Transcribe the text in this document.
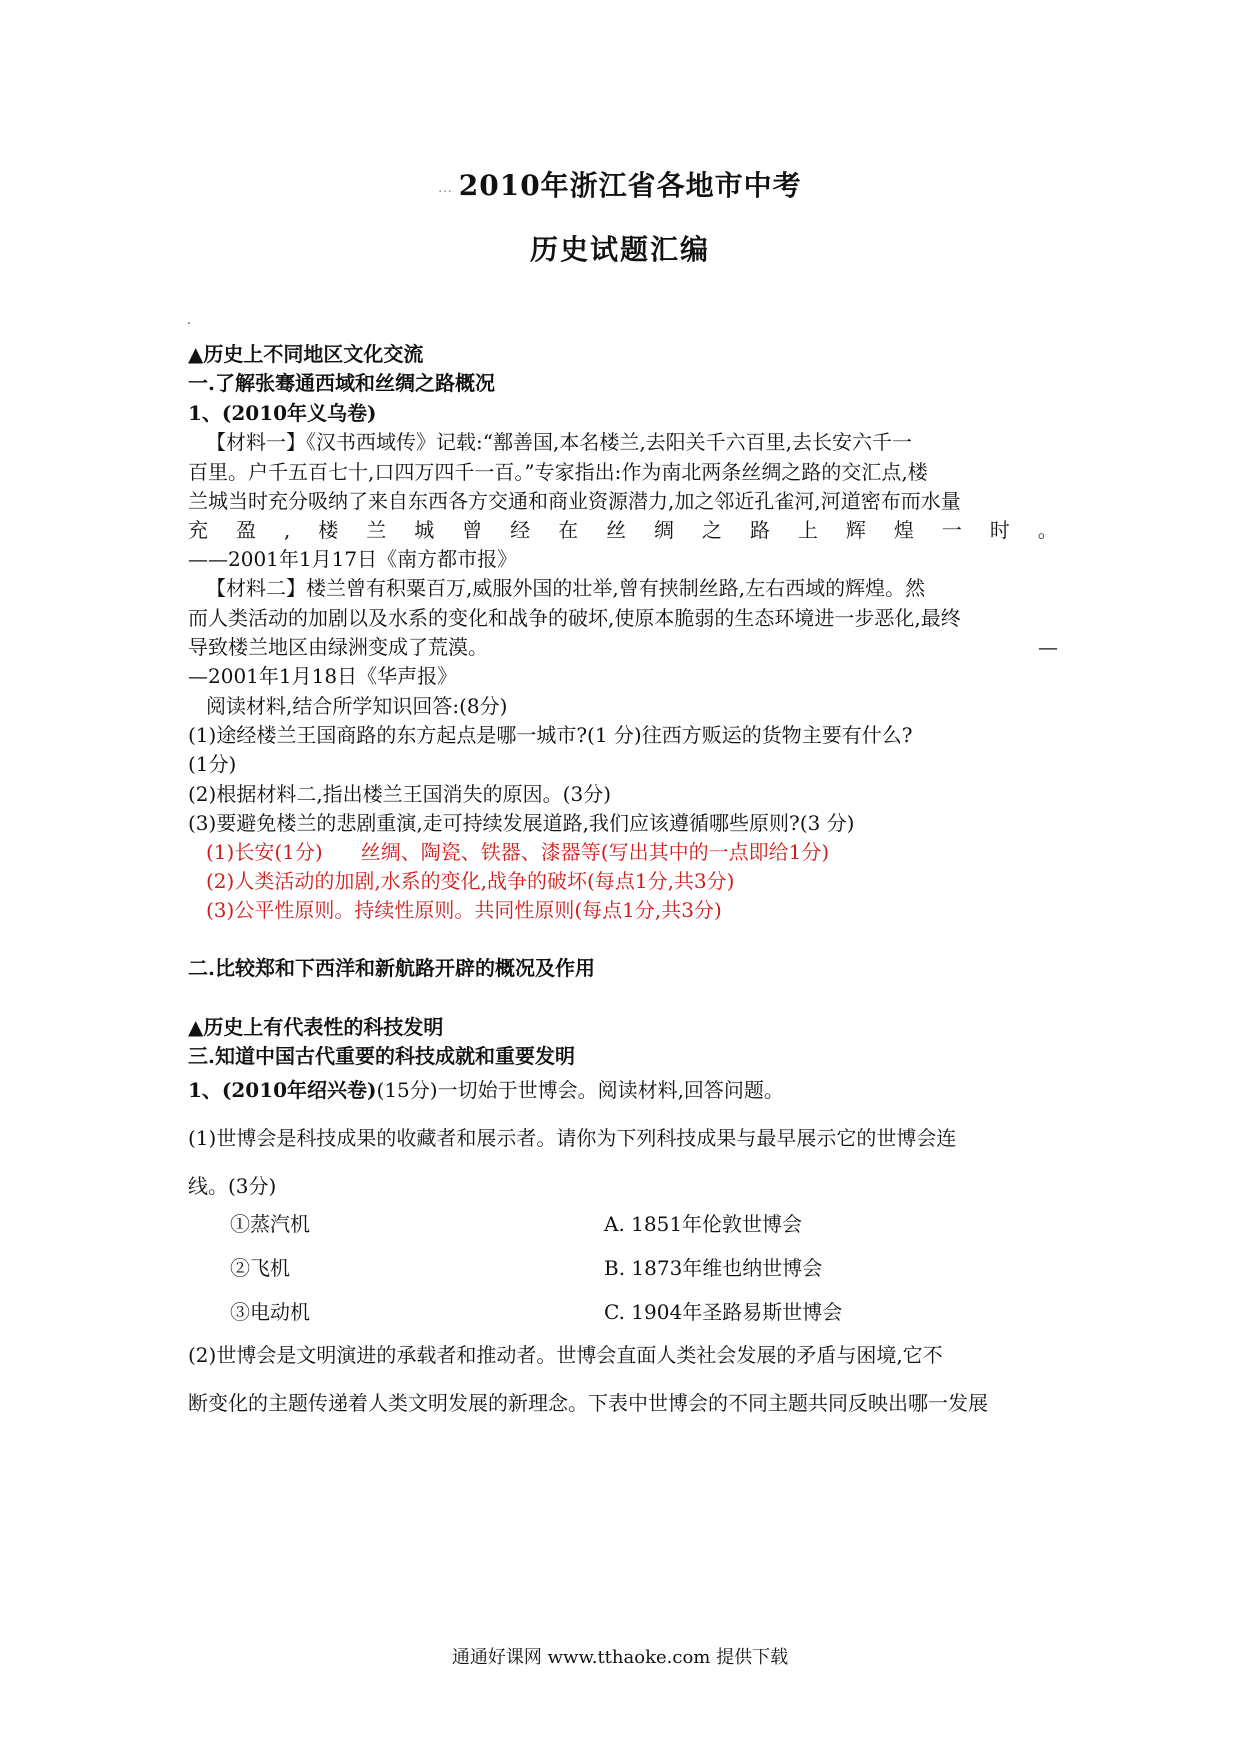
... 2010年浙江省各地市中考
历史试题汇编
▲历史上不同地区文化交流
一.了解张骞通西域和丝绸之路概况
1、(2010年义乌卷)
【材料一】《汉书西域传》记载:“鄯善国,本名楼兰,去阳关千六百里,去长安六千一
百里。户千五百七十,口四万四千一百。”专家指出:作为南北两条丝绸之路的交汇点,楼
兰城当时充分吸纳了来自东西各方交通和商业资源潜力,加之邻近孔雀河,河道密布而水量
充 盈 , 楼 兰 城 曾 经 在 丝 绸 之 路 上 辉 煌 一 时 。
——2001年1月17日《南方都市报》
【材料二】楼兰曾有积粟百万,威服外国的壮举,曾有挟制丝路,左右西域的辉煌。然
而人类活动的加剧以及水系的变化和战争的破坏,使原本脆弱的生态环境进一步恶化,最终
导致楼兰地区由绿洲变成了荒漠。	—
—2001年1月18日《华声报》
阅读材料,结合所学知识回答:(8分)
(1)途经楼兰王国商路的东方起点是哪一城市?(1 分)往西方贩运的货物主要有什么?
(1分)
(2)根据材料二,指出楼兰王国消失的原因。(3分)
(3)要避免楼兰的悲剧重演,走可持续发展道路,我们应该遵循哪些原则?(3 分)
(1)长安(1分)      丝绸、陶瓷、铁器、漆器等(写出其中的一点即给1分)
(2)人类活动的加剧,水系的变化,战争的破坏(每点1分,共3分)
(3)公平性原则。持续性原则。共同性原则(每点1分,共3分)
二.比较郑和下西洋和新航路开辟的概况及作用
▲历史上有代表性的科技发明
三.知道中国古代重要的科技成就和重要发明
1、(2010年绍兴卷)(15分)一切始于世博会。阅读材料,回答问题。
(1)世博会是科技成果的收藏者和展示者。请你为下列科技成果与最早展示它的世博会连
线。(3分)
①蒸汽机	A. 1851年伦敦世博会
②飞机	B. 1873年维也纳世博会
③电动机	C. 1904年圣路易斯世博会
(2)世博会是文明演进的承载者和推动者。世博会直面人类社会发展的矛盾与困境,它不
断变化的主题传递着人类文明发展的新理念。下表中世博会的不同主题共同反映出哪一发展
通通好课网 www.tthaoke.com 提供下载
